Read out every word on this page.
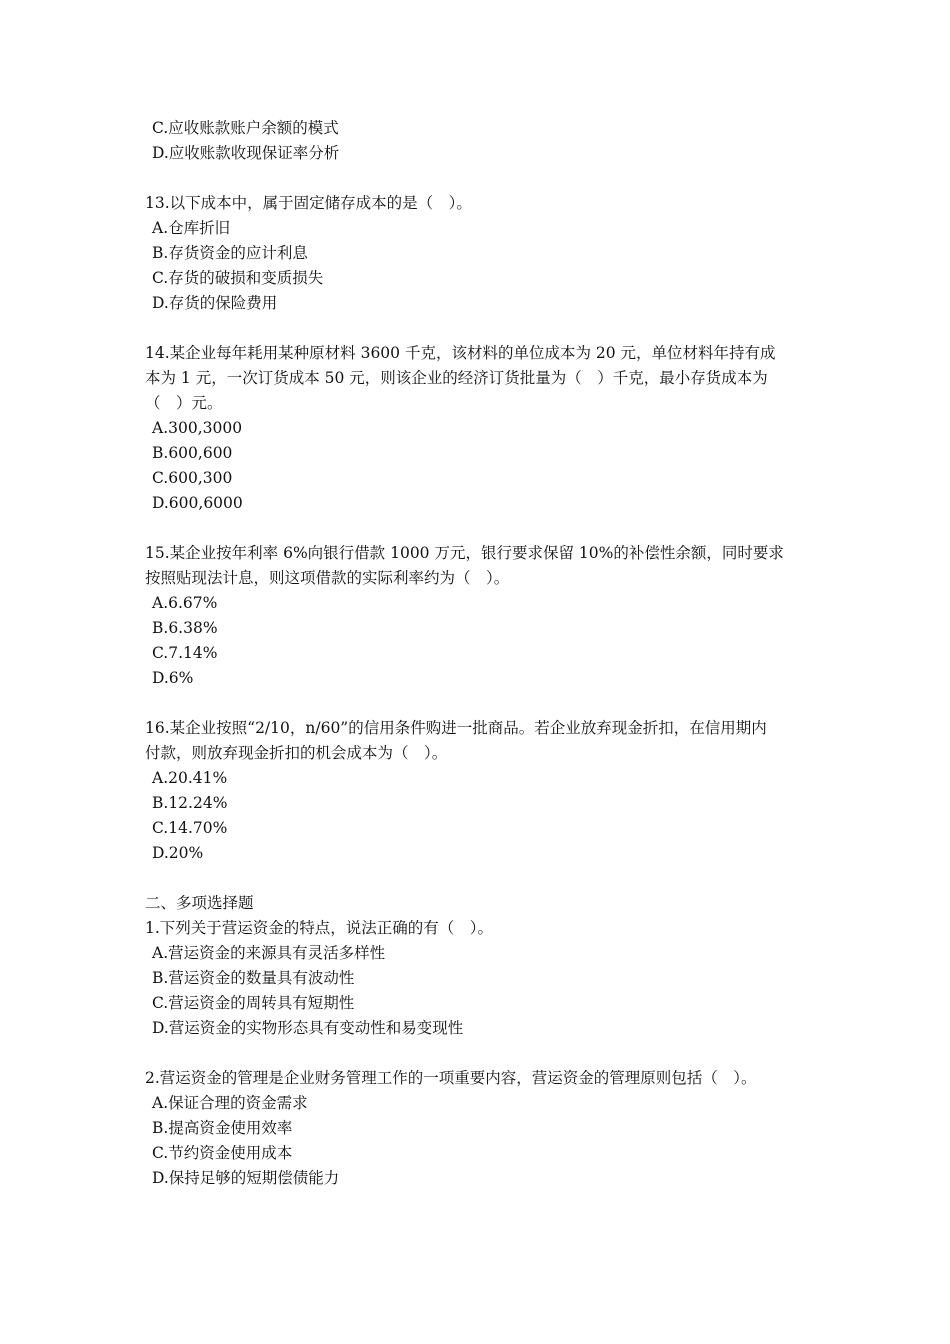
C.应收账款账户余额的模式
D.应收账款收现保证率分析
13.以下成本中，属于固定储存成本的是（　）。
A.仓库折旧
B.存货资金的应计利息
C.存货的破损和变质损失
D.存货的保险费用
14.某企业每年耗用某种原材料 3600 千克，该材料的单位成本为 20 元，单位材料年持有成
本为 1 元，一次订货成本 50 元，则该企业的经济订货批量为（　）千克，最小存货成本为
（　）元。
A.300,3000
B.600,600
C.600,300
D.600,6000
15.某企业按年利率 6%向银行借款 1000 万元，银行要求保留 10%的补偿性余额，同时要求
按照贴现法计息，则这项借款的实际利率约为（　）。
A.6.67%
B.6.38%
C.7.14%
D.6%
16.某企业按照“2/10，n/60”的信用条件购进一批商品。若企业放弃现金折扣，在信用期内
付款，则放弃现金折扣的机会成本为（　）。
A.20.41%
B.12.24%
C.14.70%
D.20%
二、多项选择题
1.下列关于营运资金的特点，说法正确的有（　）。
A.营运资金的来源具有灵活多样性
B.营运资金的数量具有波动性
C.营运资金的周转具有短期性
D.营运资金的实物形态具有变动性和易变现性
2.营运资金的管理是企业财务管理工作的一项重要内容，营运资金的管理原则包括（　）。
A.保证合理的资金需求
B.提高资金使用效率
C.节约资金使用成本
D.保持足够的短期偿债能力
